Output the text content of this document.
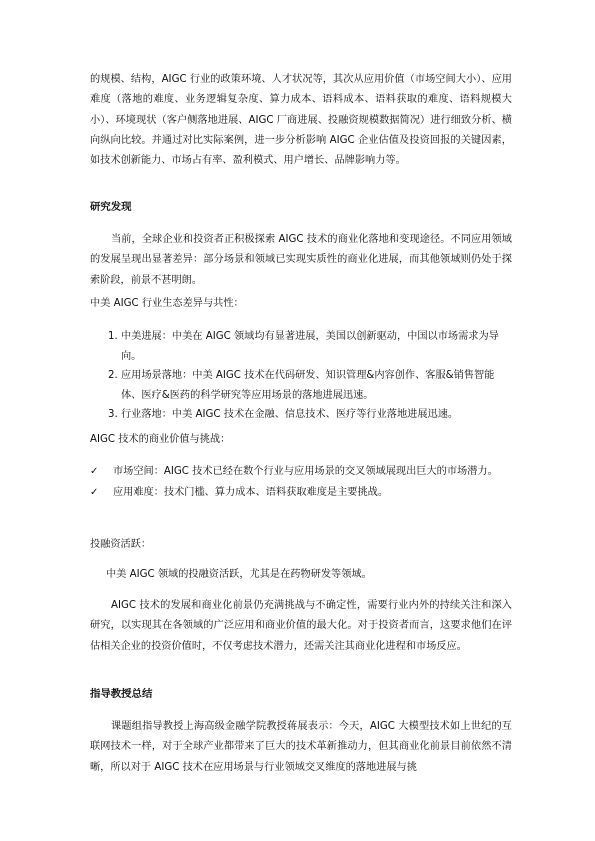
的规模、结构，AIGC 行业的政策环境、人才状况等，其次从应用价值（市场空间大小）、应用难度（落地的难度、业务逻辑复杂度、算力成本、语料成本、语料获取的难度、语料规模大小）、环境现状（客户侧落地进展、AIGC 厂商进展、投融资规模数据简况）进行细致分析、横向纵向比较。并通过对比实际案例，进一步分析影响 AIGC 企业估值及投资回报的关键因素，如技术创新能力、市场占有率、盈利模式、用户增长、品牌影响力等。

研究发现

当前，全球企业和投资者正积极探索 AIGC 技术的商业化落地和变现途径。不同应用领域的发展呈现出显著差异：部分场景和领域已实现实质性的商业化进展，而其他领域则仍处于探索阶段，前景不甚明朗。

中美 AIGC 行业生态差异与共性：

1. 中美进展：中美在 AIGC 领域均有显著进展，美国以创新驱动，中国以市场需求为导向。
2. 应用场景落地：中美 AIGC 技术在代码研发、知识管理&内容创作、客服&销售智能体、医疗&医药的科学研究等应用场景的落地进展迅速。
3. 行业落地：中美 AIGC 技术在金融、信息技术、医疗等行业落地进展迅速。

AIGC 技术的商业价值与挑战：

✓ 市场空间：AIGC 技术已经在数个行业与应用场景的交叉领域展现出巨大的市场潜力。
✓ 应用难度：技术门槛、算力成本、语料获取难度是主要挑战。

投融资活跃：

中美 AIGC 领域的投融资活跃，尤其是在药物研发等领域。

AIGC 技术的发展和商业化前景仍充满挑战与不确定性，需要行业内外的持续关注和深入研究，以实现其在各领域的广泛应用和商业价值的最大化。对于投资者而言，这要求他们在评估相关企业的投资价值时，不仅考虑技术潜力，还需关注其商业化进程和市场反应。

指导教授总结

课题组指导教授上海高级金融学院教授蒋展表示：今天，AIGC 大模型技术如上世纪的互联网技术一样，对于全球产业都带来了巨大的技术革新推动力，但其商业化前景目前依然不清晰，所以对于 AIGC 技术在应用场景与行业领域交叉维度的落地进展与挑
